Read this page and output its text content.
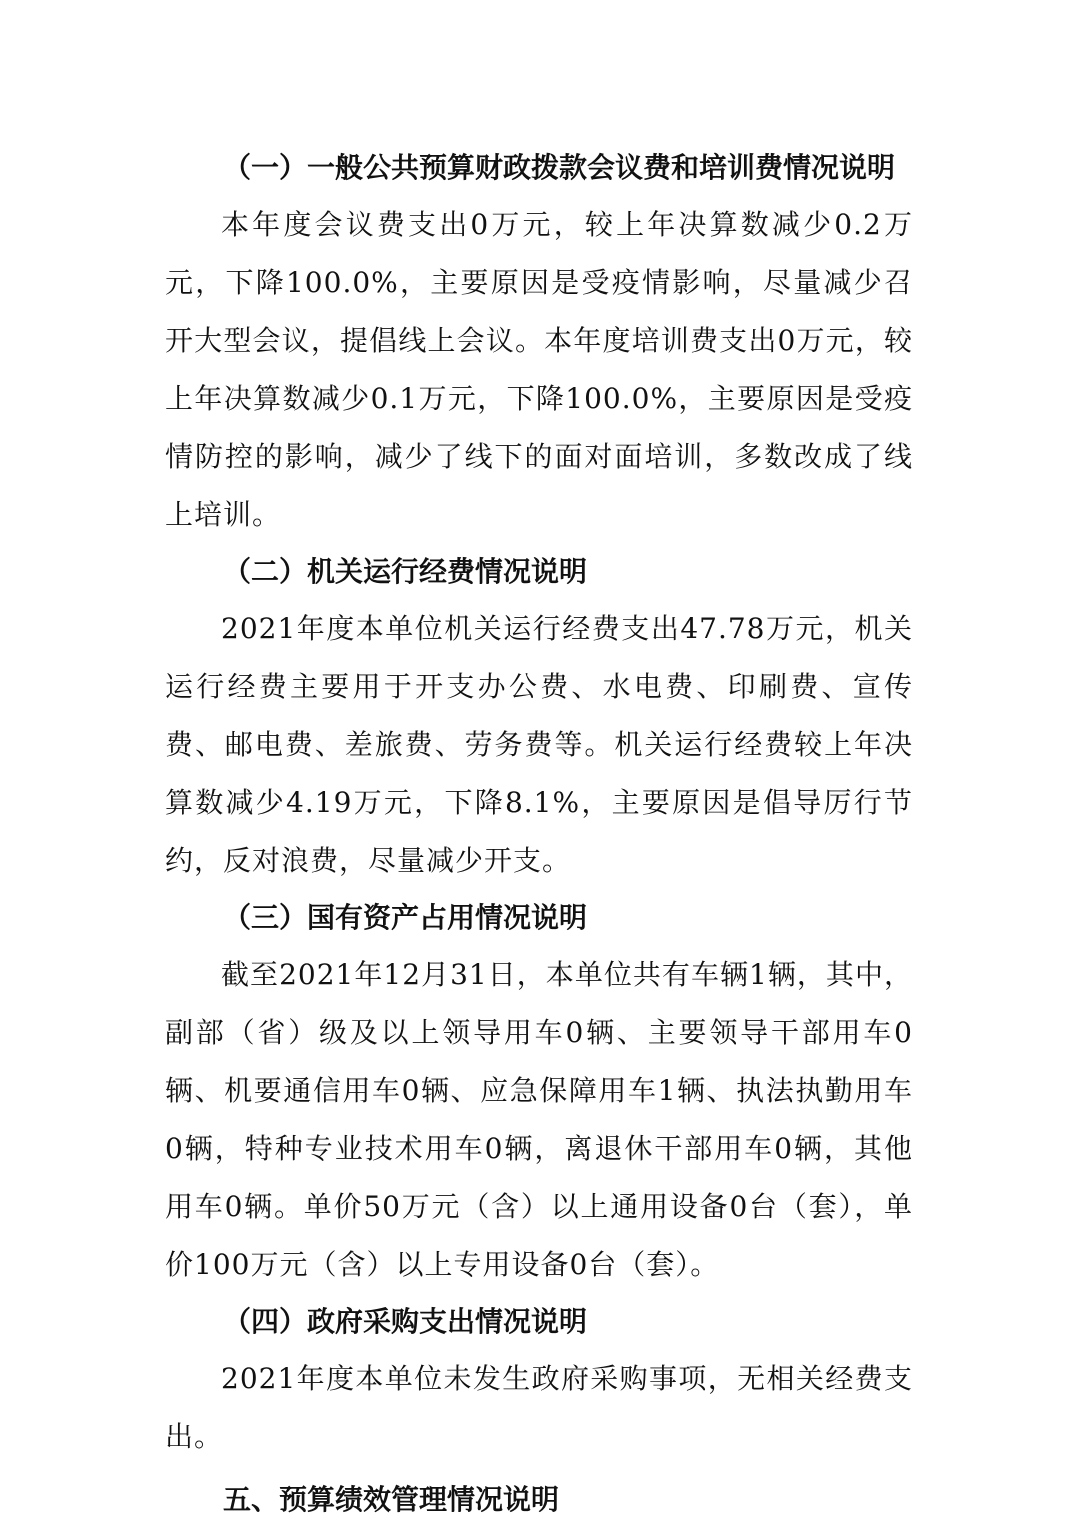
（一）一般公共预算财政拨款会议费和培训费情况说明

本年度会议费支出0万元，较上年决算数减少0.2万元，下降100.0%，主要原因是受疫情影响，尽量减少召开大型会议，提倡线上会议。本年度培训费支出0万元，较上年决算数减少0.1万元，下降100.0%，主要原因是受疫情防控的影响，减少了线下的面对面培训，多数改成了线上培训。

（二）机关运行经费情况说明

2021年度本单位机关运行经费支出47.78万元，机关运行经费主要用于开支办公费、水电费、印刷费、宣传费、邮电费、差旅费、劳务费等。机关运行经费较上年决算数减少4.19万元，下降8.1%，主要原因是倡导厉行节约，反对浪费，尽量减少开支。

（三）国有资产占用情况说明

截至2021年12月31日，本单位共有车辆1辆，其中，副部（省）级及以上领导用车0辆、主要领导干部用车0辆、机要通信用车0辆、应急保障用车1辆、执法执勤用车0辆，特种专业技术用车0辆，离退休干部用车0辆，其他用车0辆。单价50万元（含）以上通用设备0台（套），单价100万元（含）以上专用设备0台（套）。

（四）政府采购支出情况说明

2021年度本单位未发生政府采购事项，无相关经费支出。

五、预算绩效管理情况说明
